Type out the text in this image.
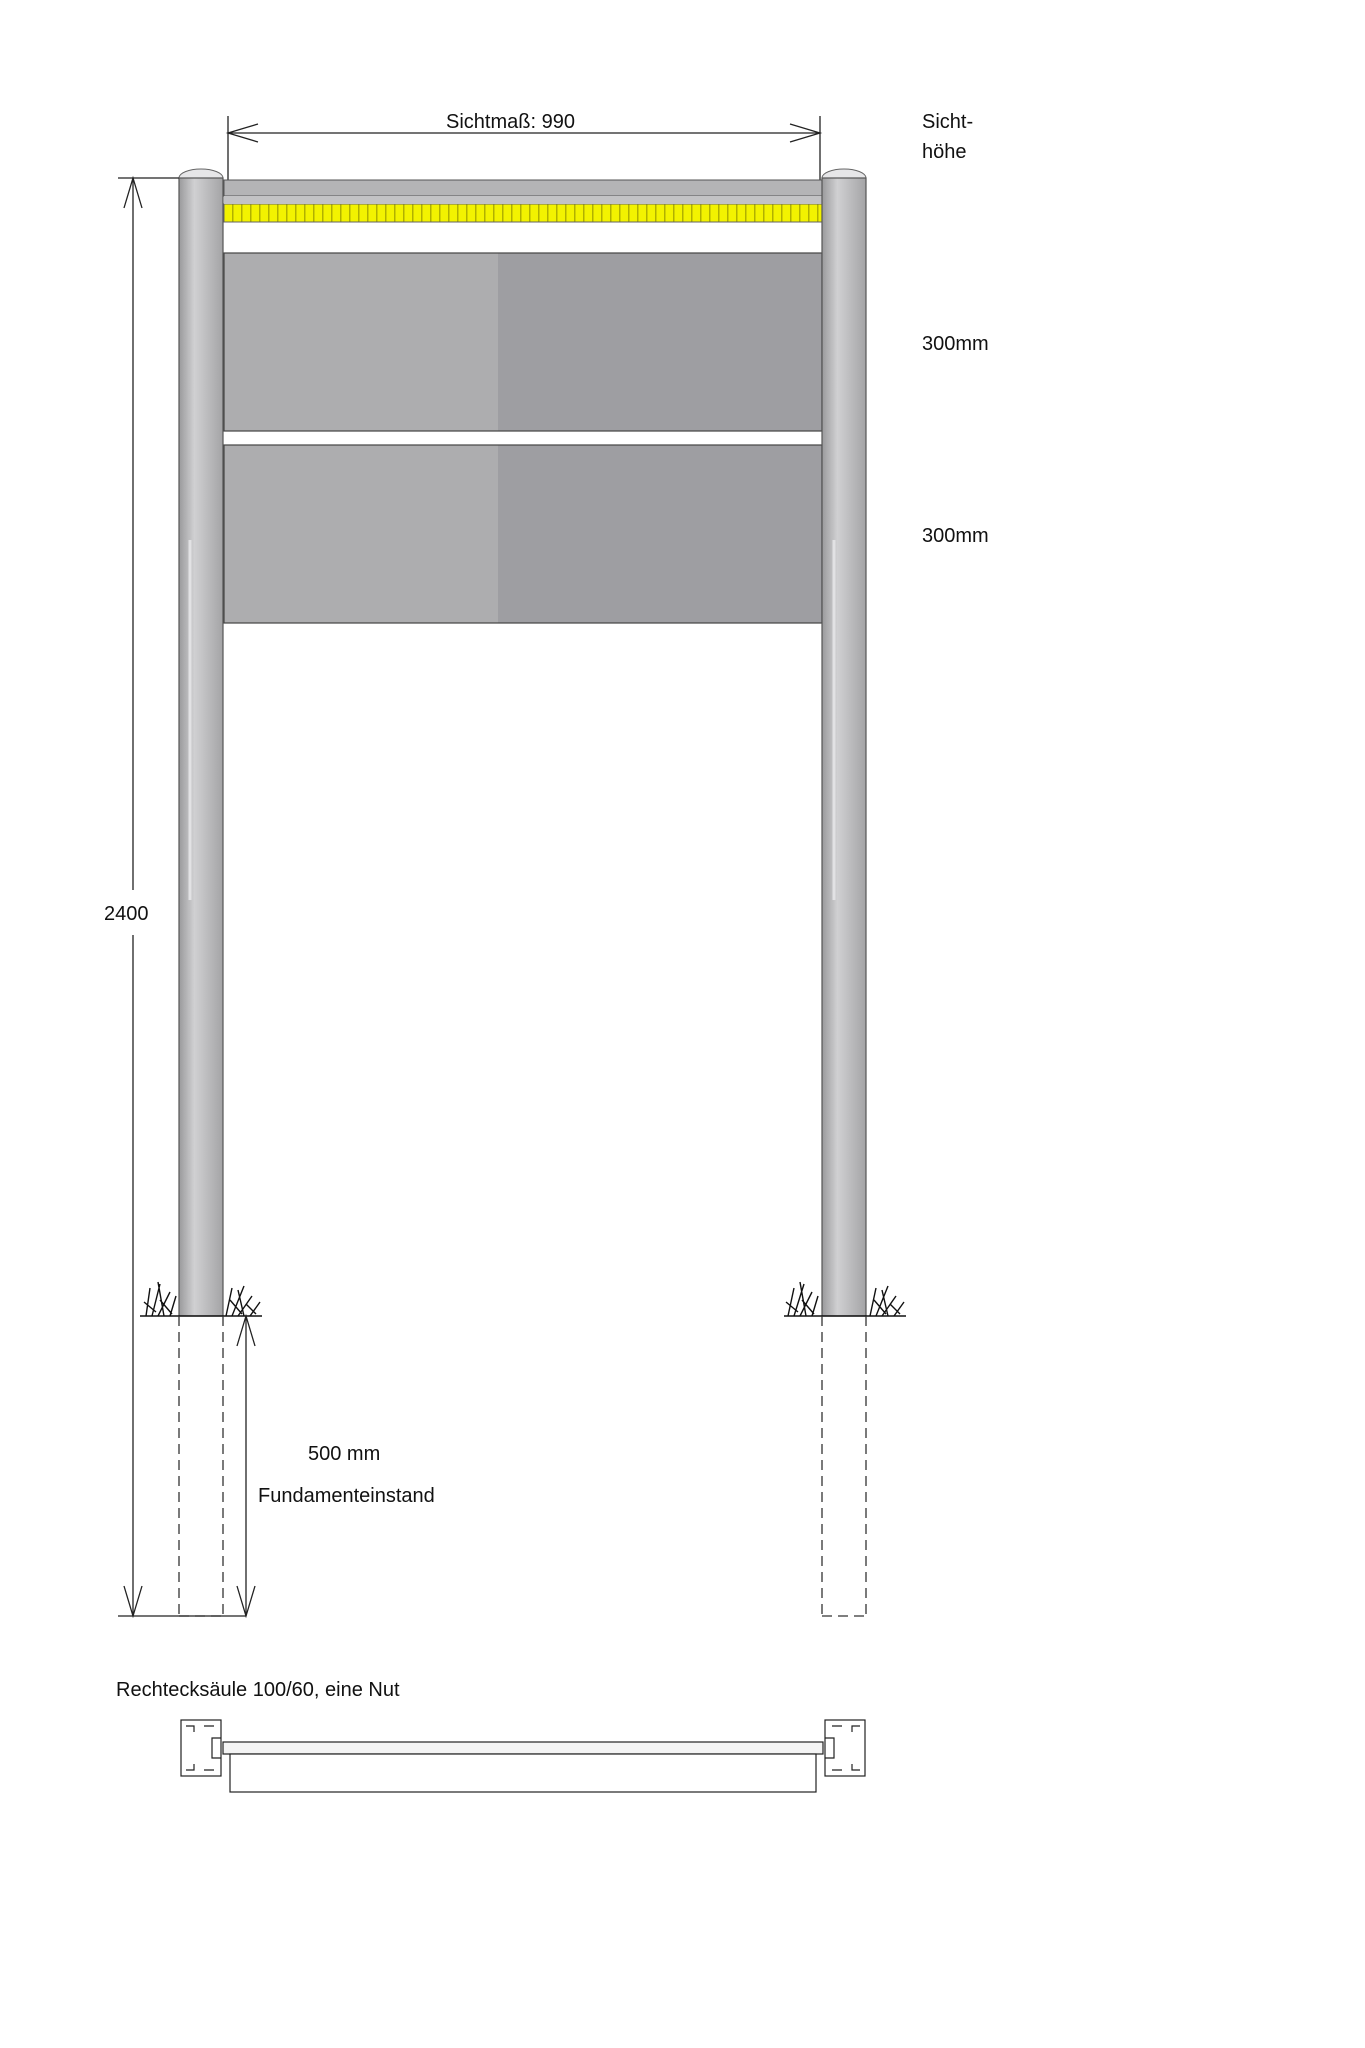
Sichtmaß: 990	Sicht-
höhe
300mm
300mm
2400
500 mm
Fundamenteinstand
Rechtecksäule 100/60, eine Nut
